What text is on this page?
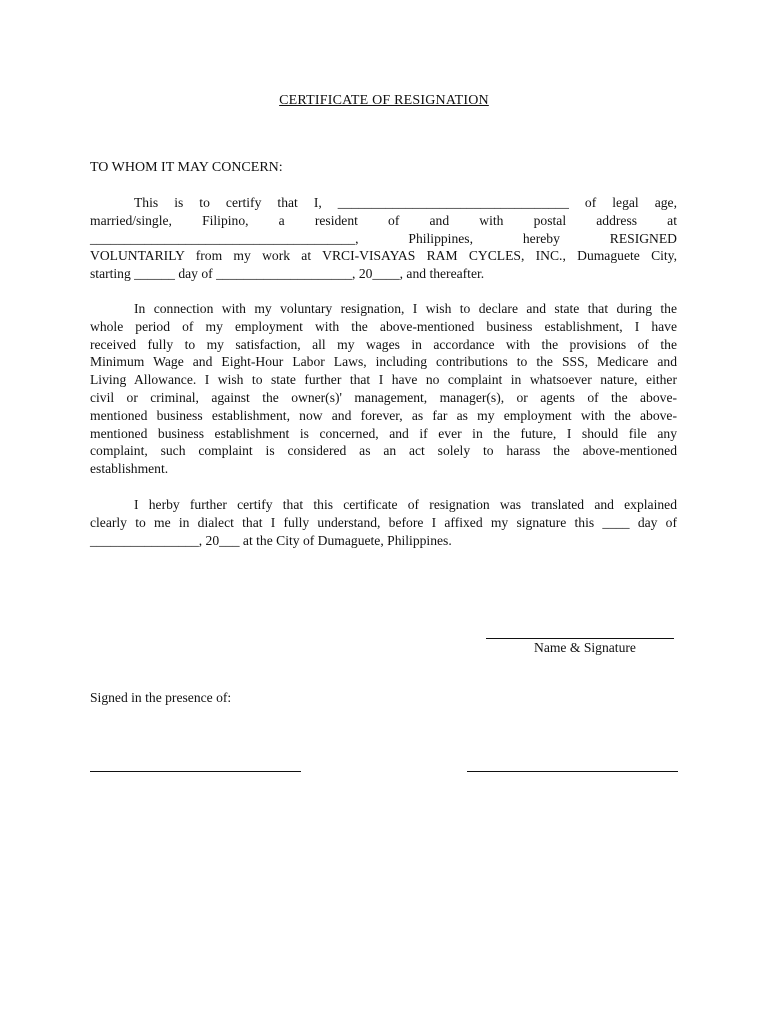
CERTIFICATE OF RESIGNATION
TO WHOM IT MAY CONCERN:
This is to certify that I, __________________________________ of legal age,
married/single, Filipino, a resident of and with postal address at
_______________________________________, Philippines, hereby RESIGNED
VOLUNTARILY from my work at VRCI-VISAYAS RAM CYCLES, INC., Dumaguete City,
starting ______ day of ____________________, 20____, and thereafter.
In connection with my voluntary resignation, I wish to declare and state that during the
whole period of my employment with the above-mentioned business establishment, I have
received fully to my satisfaction, all my wages in accordance with the provisions of the
Minimum Wage and Eight-Hour Labor Laws, including contributions to the SSS, Medicare and
Living Allowance. I wish to state further that I have no complaint in whatsoever nature, either
civil or criminal, against the owner(s)' management, manager(s), or agents of the above-
mentioned business establishment, now and forever, as far as my employment with the above-
mentioned business establishment is concerned, and if ever in the future, I should file any
complaint, such complaint is considered as an act solely to harass the above-mentioned
establishment.
I herby further certify that this certificate of resignation was translated and explained
clearly to me in dialect that I fully understand, before I affixed my signature this ____ day of
________________, 20___ at the City of Dumaguete, Philippines.
Name & Signature
Signed in the presence of:
